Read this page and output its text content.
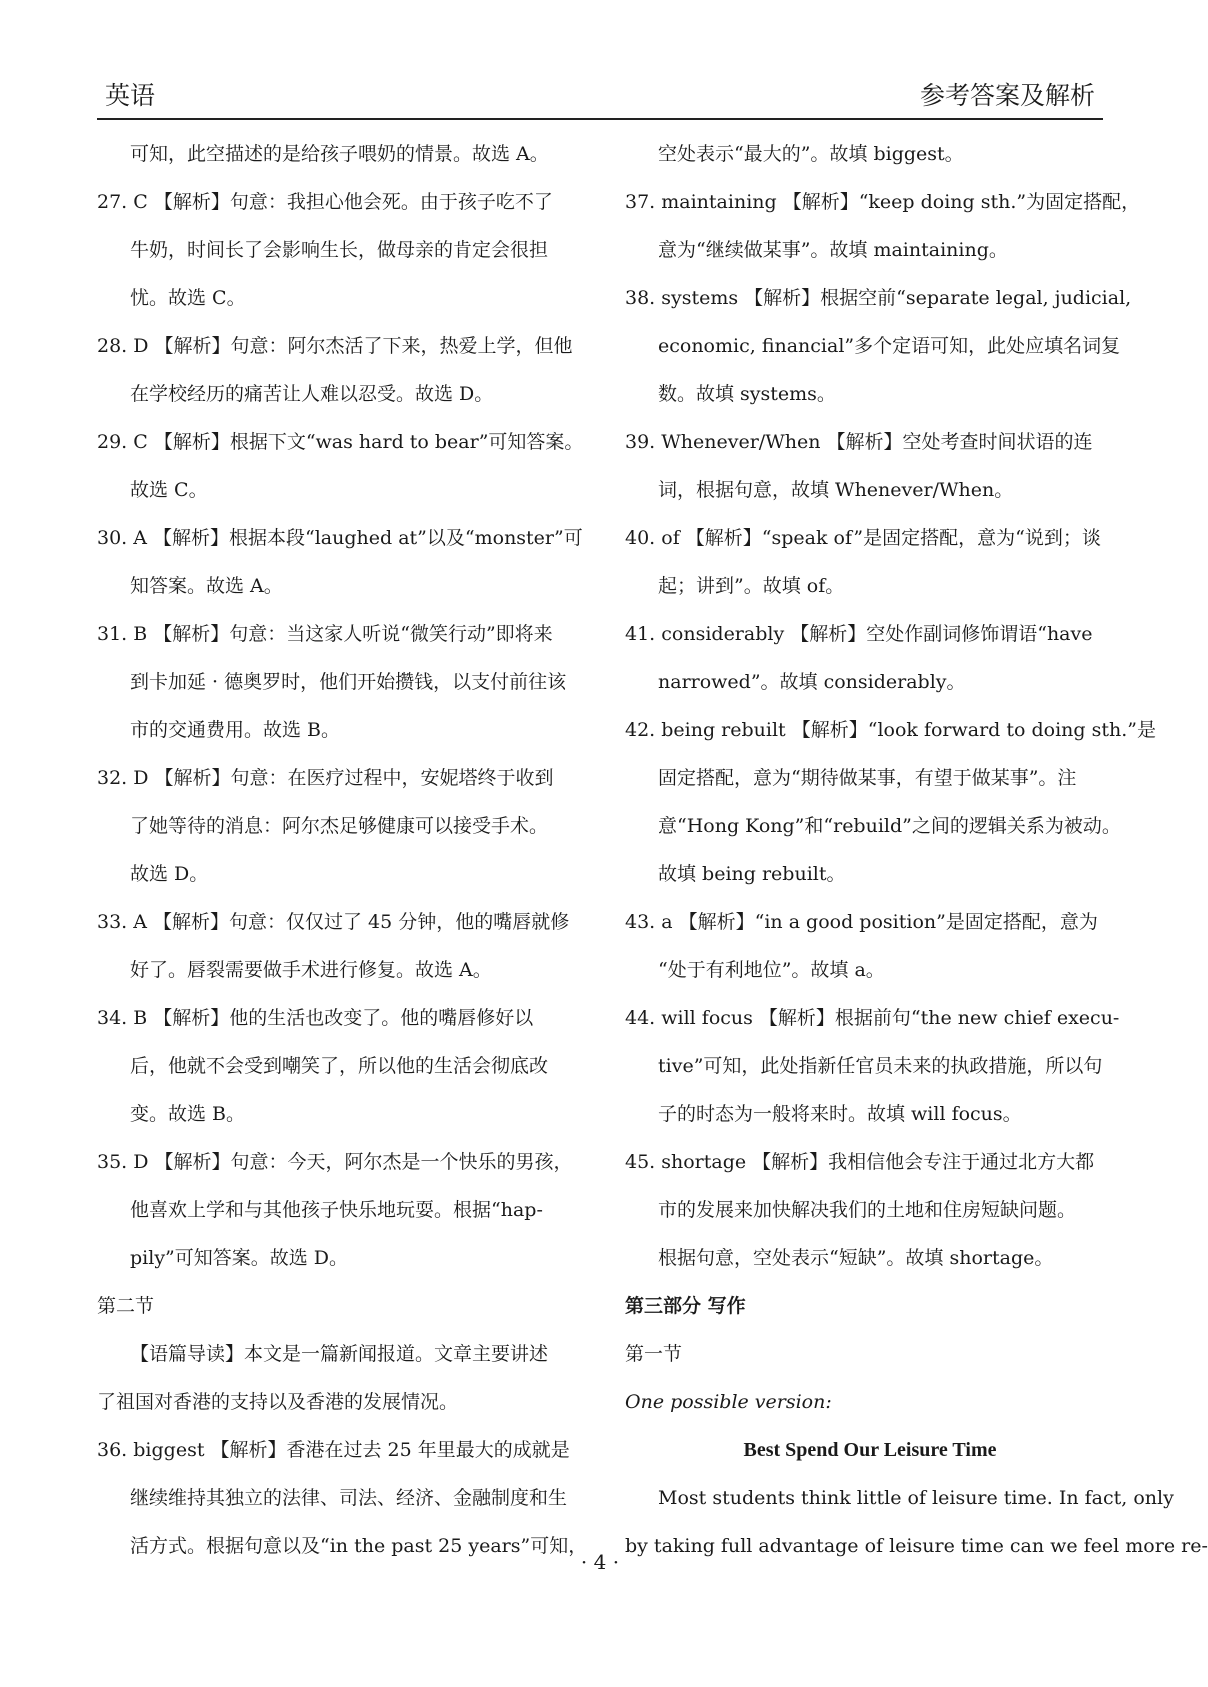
英语	参考答案及解析
可知，此空描述的是给孩子喂奶的情景。故选 A。
27. C 【解析】句意：我担心他会死。由于孩子吃不了
牛奶，时间长了会影响生长，做母亲的肯定会很担
忧。故选 C。
28. D 【解析】句意：阿尔杰活了下来，热爱上学，但他
在学校经历的痛苦让人难以忍受。故选 D。
29. C 【解析】根据下文“was hard to bear”可知答案。
故选 C。
30. A 【解析】根据本段“laughed at”以及“monster”可
知答案。故选 A。
31. B 【解析】句意：当这家人听说“微笑行动”即将来
到卡加延 · 德奥罗时，他们开始攒钱，以支付前往该
市的交通费用。故选 B。
32. D 【解析】句意：在医疗过程中，安妮塔终于收到
了她等待的消息：阿尔杰足够健康可以接受手术。
故选 D。
33. A 【解析】句意：仅仅过了 45 分钟，他的嘴唇就修
好了。唇裂需要做手术进行修复。故选 A。
34. B 【解析】他的生活也改变了。他的嘴唇修好以
后，他就不会受到嘲笑了，所以他的生活会彻底改
变。故选 B。
35. D 【解析】句意：今天，阿尔杰是一个快乐的男孩，
他喜欢上学和与其他孩子快乐地玩耍。根据“hap-
pily”可知答案。故选 D。
第二节
【语篇导读】本文是一篇新闻报道。文章主要讲述
了祖国对香港的支持以及香港的发展情况。
36. biggest 【解析】香港在过去 25 年里最大的成就是
继续维持其独立的法律、司法、经济、金融制度和生
活方式。根据句意以及“in the past 25 years”可知，
空处表示“最大的”。故填 biggest。
37. maintaining 【解析】“keep doing sth.”为固定搭配，
意为“继续做某事”。故填 maintaining。
38. systems 【解析】根据空前“separate legal, judicial,
economic, financial”多个定语可知，此处应填名词复
数。故填 systems。
39. Whenever/When 【解析】空处考查时间状语的连
词，根据句意，故填 Whenever/When。
40. of 【解析】“speak of”是固定搭配，意为“说到；谈
起；讲到”。故填 of。
41. considerably 【解析】空处作副词修饰谓语“have
narrowed”。故填 considerably。
42. being rebuilt 【解析】“look forward to doing sth.”是
固定搭配，意为“期待做某事，有望于做某事”。注
意“Hong Kong”和“rebuild”之间的逻辑关系为被动。
故填 being rebuilt。
43. a 【解析】“in a good position”是固定搭配，意为
“处于有利地位”。故填 a。
44. will focus 【解析】根据前句“the new chief execu-
tive”可知，此处指新任官员未来的执政措施，所以句
子的时态为一般将来时。故填 will focus。
45. shortage 【解析】我相信他会专注于通过北方大都
市的发展来加快解决我们的土地和住房短缺问题。
根据句意，空处表示“短缺”。故填 shortage。
第三部分 写作
第一节
One possible version:
Best Spend Our Leisure Time
Most students think little of leisure time. In fact, only
by taking full advantage of leisure time can we feel more re-
· 4 ·
